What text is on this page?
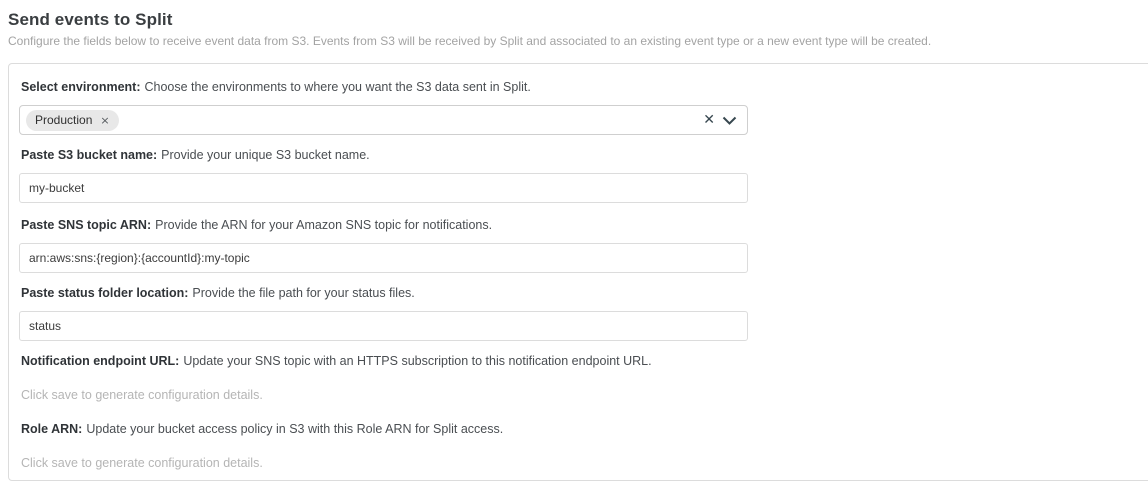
Send events to Split
Configure the fields below to receive event data from S3. Events from S3 will be received by Split and associated to an existing event type or a new event type will be created.
Select environment: Choose the environments to where you want the S3 data sent in Split.
Production ×	✕
Paste S3 bucket name: Provide your unique S3 bucket name.
my-bucket
Paste SNS topic ARN: Provide the ARN for your Amazon SNS topic for notifications.
arn:aws:sns:{region}:{accountId}:my-topic
Paste status folder location: Provide the file path for your status files.
status
Notification endpoint URL: Update your SNS topic with an HTTPS subscription to this notification endpoint URL.
Click save to generate configuration details.
Role ARN: Update your bucket access policy in S3 with this Role ARN for Split access.
Click save to generate configuration details.
